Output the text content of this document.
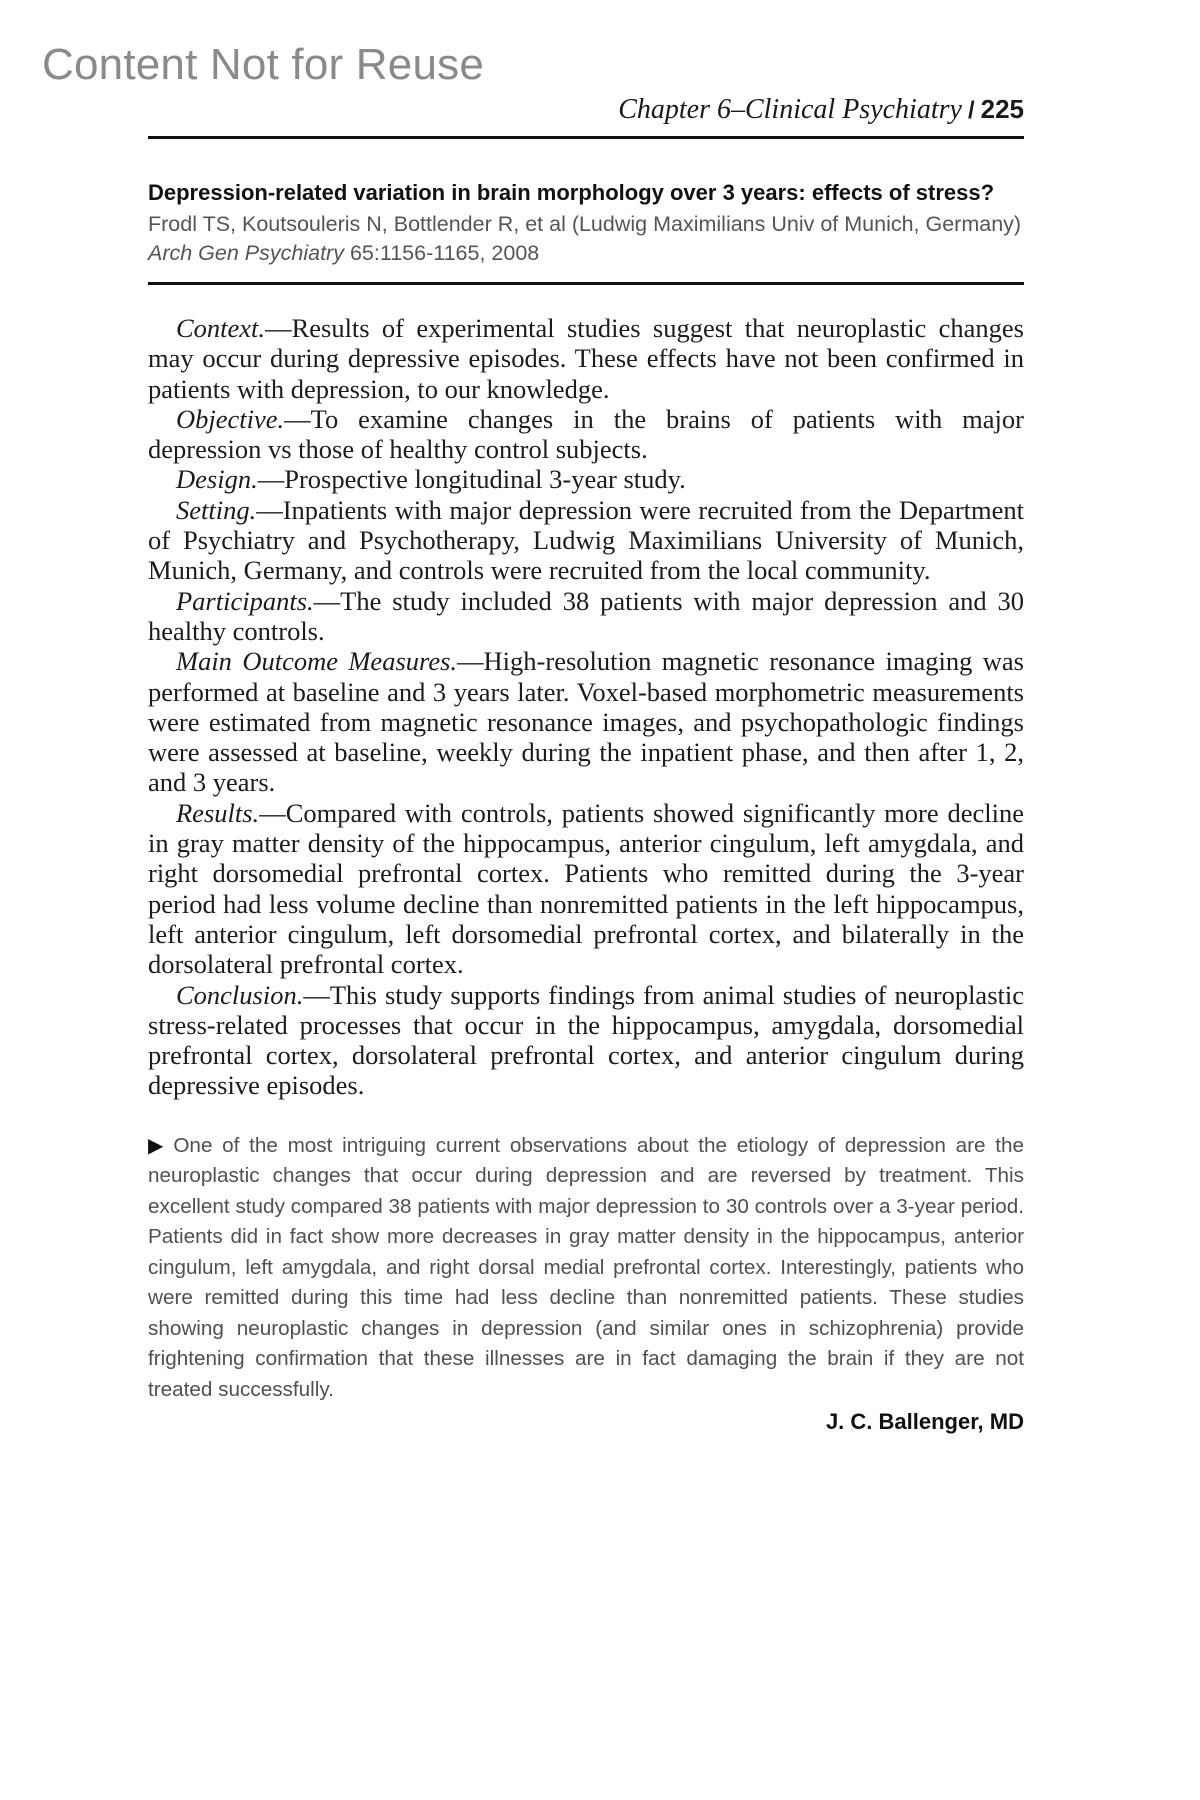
Content Not for Reuse
Chapter 6–Clinical Psychiatry / 225
Depression-related variation in brain morphology over 3 years: effects of stress?
Frodl TS, Koutsouleris N, Bottlender R, et al (Ludwig Maximilians Univ of Munich, Germany)
Arch Gen Psychiatry 65:1156-1165, 2008

Context.—Results of experimental studies suggest that neuroplastic changes may occur during depressive episodes. These effects have not been confirmed in patients with depression, to our knowledge.

Objective.—To examine changes in the brains of patients with major depression vs those of healthy control subjects.

Design.—Prospective longitudinal 3-year study.

Setting.—Inpatients with major depression were recruited from the Department of Psychiatry and Psychotherapy, Ludwig Maximilians University of Munich, Munich, Germany, and controls were recruited from the local community.

Participants.—The study included 38 patients with major depression and 30 healthy controls.

Main Outcome Measures.—High-resolution magnetic resonance imaging was performed at baseline and 3 years later. Voxel-based morphometric measurements were estimated from magnetic resonance images, and psychopathologic findings were assessed at baseline, weekly during the inpatient phase, and then after 1, 2, and 3 years.

Results.—Compared with controls, patients showed significantly more decline in gray matter density of the hippocampus, anterior cingulum, left amygdala, and right dorsomedial prefrontal cortex. Patients who remitted during the 3-year period had less volume decline than nonremitted patients in the left hippocampus, left anterior cingulum, left dorsomedial prefrontal cortex, and bilaterally in the dorsolateral prefrontal cortex.

Conclusion.—This study supports findings from animal studies of neuroplastic stress-related processes that occur in the hippocampus, amygdala, dorsomedial prefrontal cortex, dorsolateral prefrontal cortex, and anterior cingulum during depressive episodes.

▶ One of the most intriguing current observations about the etiology of depression are the neuroplastic changes that occur during depression and are reversed by treatment. This excellent study compared 38 patients with major depression to 30 controls over a 3-year period. Patients did in fact show more decreases in gray matter density in the hippocampus, anterior cingulum, left amygdala, and right dorsal medial prefrontal cortex. Interestingly, patients who were remitted during this time had less decline than nonremitted patients. These studies showing neuroplastic changes in depression (and similar ones in schizophrenia) provide frightening confirmation that these illnesses are in fact damaging the brain if they are not treated successfully.
J. C. Ballenger, MD
